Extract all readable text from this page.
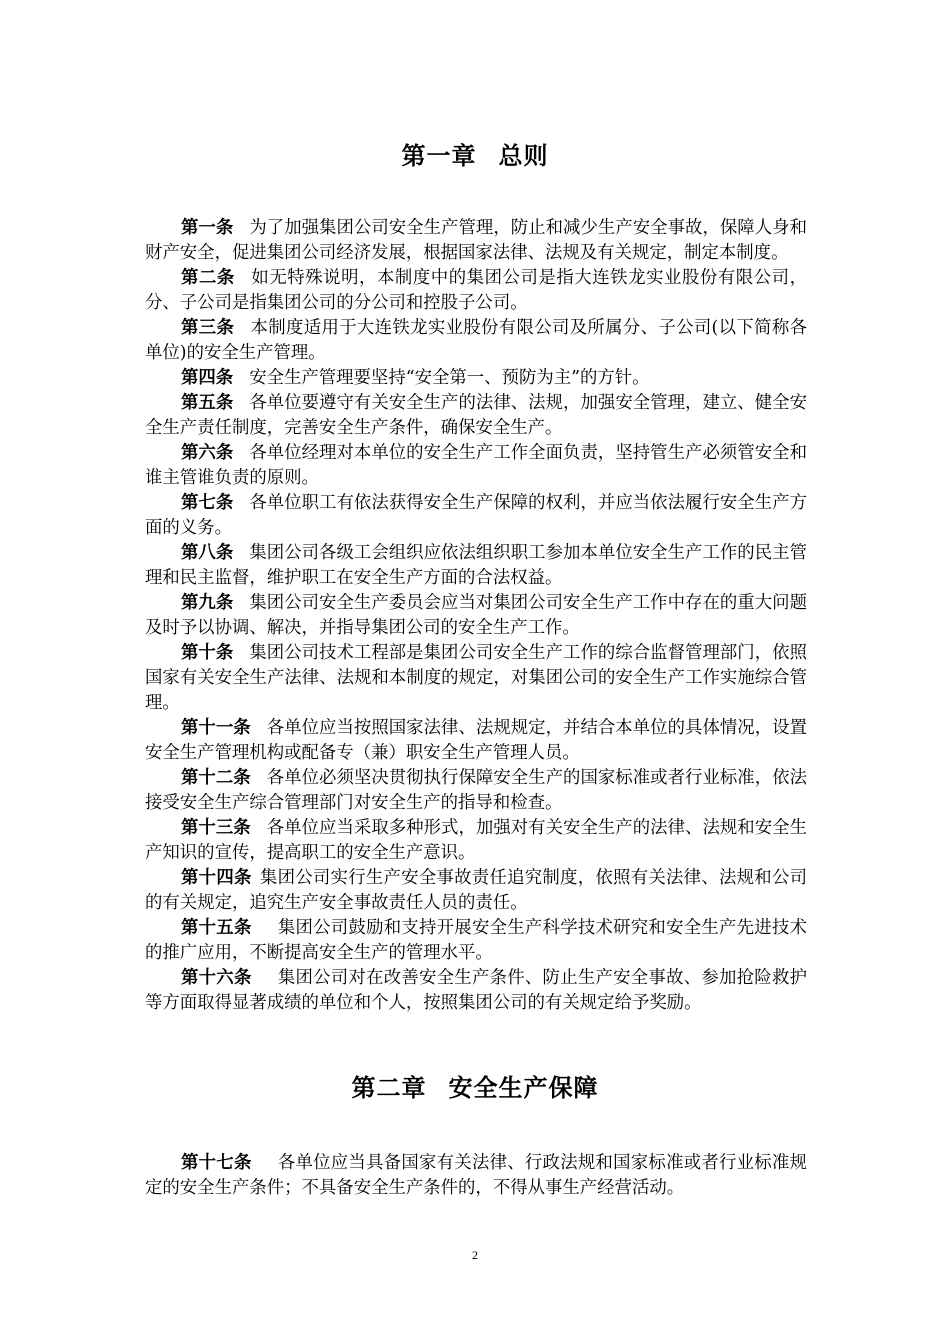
第一章 总则

第一条 为了加强集团公司安全生产管理，防止和减少生产安全事故，保障人身和财产安全，促进集团公司经济发展，根据国家法律、法规及有关规定，制定本制度。

第二条 如无特殊说明，本制度中的集团公司是指大连铁龙实业股份有限公司，分、子公司是指集团公司的分公司和控股子公司。

第三条 本制度适用于大连铁龙实业股份有限公司及所属分、子公司(以下简称各单位)的安全生产管理。

第四条 安全生产管理要坚持“安全第一、预防为主”的方针。

第五条 各单位要遵守有关安全生产的法律、法规，加强安全管理，建立、健全安全生产责任制度，完善安全生产条件，确保安全生产。

第六条 各单位经理对本单位的安全生产工作全面负责，坚持管生产必须管安全和谁主管谁负责的原则。

第七条 各单位职工有依法获得安全生产保障的权利，并应当依法履行安全生产方面的义务。

第八条 集团公司各级工会组织应依法组织职工参加本单位安全生产工作的民主管理和民主监督，维护职工在安全生产方面的合法权益。

第九条 集团公司安全生产委员会应当对集团公司安全生产工作中存在的重大问题及时予以协调、解决，并指导集团公司的安全生产工作。

第十条 集团公司技术工程部是集团公司安全生产工作的综合监督管理部门，依照国家有关安全生产法律、法规和本制度的规定，对集团公司的安全生产工作实施综合管理。

第十一条 各单位应当按照国家法律、法规规定，并结合本单位的具体情况，设置安全生产管理机构或配备专（兼）职安全生产管理人员。

第十二条 各单位必须坚决贯彻执行保障安全生产的国家标准或者行业标准，依法接受安全生产综合管理部门对安全生产的指导和检查。

第十三条 各单位应当采取多种形式，加强对有关安全生产的法律、法规和安全生产知识的宣传，提高职工的安全生产意识。

第十四条 集团公司实行生产安全事故责任追究制度，依照有关法律、法规和公司的有关规定，追究生产安全事故责任人员的责任。

第十五条 集团公司鼓励和支持开展安全生产科学技术研究和安全生产先进技术的推广应用，不断提高安全生产的管理水平。

第十六条 集团公司对在改善安全生产条件、防止生产安全事故、参加抢险救护等方面取得显著成绩的单位和个人，按照集团公司的有关规定给予奖励。

第二章 安全生产保障

第十七条 各单位应当具备国家有关法律、行政法规和国家标准或者行业标准规定的安全生产条件；不具备安全生产条件的，不得从事生产经营活动。

2
